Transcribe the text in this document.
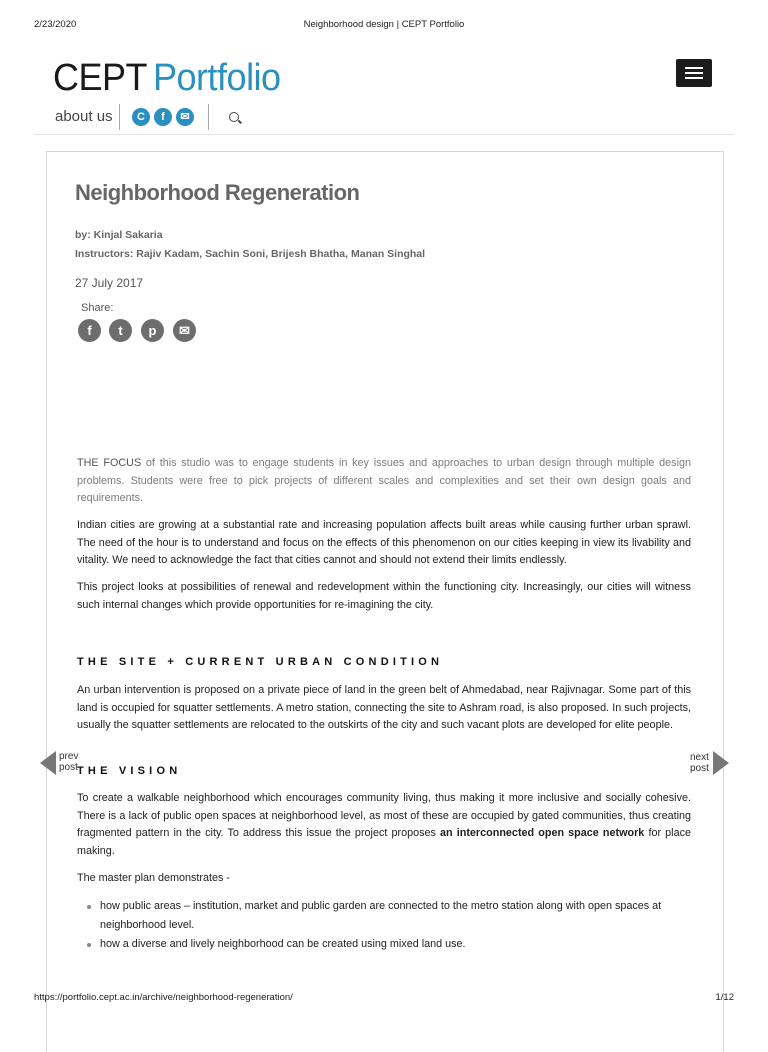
2/23/2020	Neighborhood design | CEPT Portfolio
CEPT Portfolio
about us	C	f	✉
Neighborhood Regeneration
by: Kinjal Sakaria
Instructors: Rajiv Kadam, Sachin Soni, Brijesh Bhatha, Manan Singhal
27 July 2017
Share:
f	t	p	✉
THE FOCUS of this studio was to engage students in key issues and approaches to urban design through multiple design problems. Students were free to pick projects of different scales and complexities and set their own design goals and requirements.
Indian cities are growing at a substantial rate and increasing population affects built areas while causing further urban sprawl. The need of the hour is to understand and focus on the effects of this phenomenon on our cities keeping in view its livability and vitality. We need to acknowledge the fact that cities cannot and should not extend their limits endlessly.
This project looks at possibilities of renewal and redevelopment within the functioning city. Increasingly, our cities will witness such internal changes which provide opportunities for re-imagining the city.
THE SITE + CURRENT URBAN CONDITION
An urban intervention is proposed on a private piece of land in the green belt of Ahmedabad, near Rajivnagar. Some part of this land is occupied for squatter settlements. A metro station, connecting the site to Ashram road, is also proposed. In such projects, usually the squatter settlements are relocated to the outskirts of the city and such vacant plots are developed for elite people.
THE VISION
To create a walkable neighborhood which encourages community living, thus making it more inclusive and socially cohesive. There is a lack of public open spaces at neighborhood level, as most of these are occupied by gated communities, thus creating fragmented pattern in the city. To address this issue the project proposes an interconnected open space network for place making.
The master plan demonstrates -
how public areas – institution, market and public garden are connected to the metro station along with open spaces at neighborhood level.
how a diverse and lively neighborhood can be created using mixed land use.
prev
post
next
post
https://portfolio.cept.ac.in/archive/neighborhood-regeneration/	1/12
